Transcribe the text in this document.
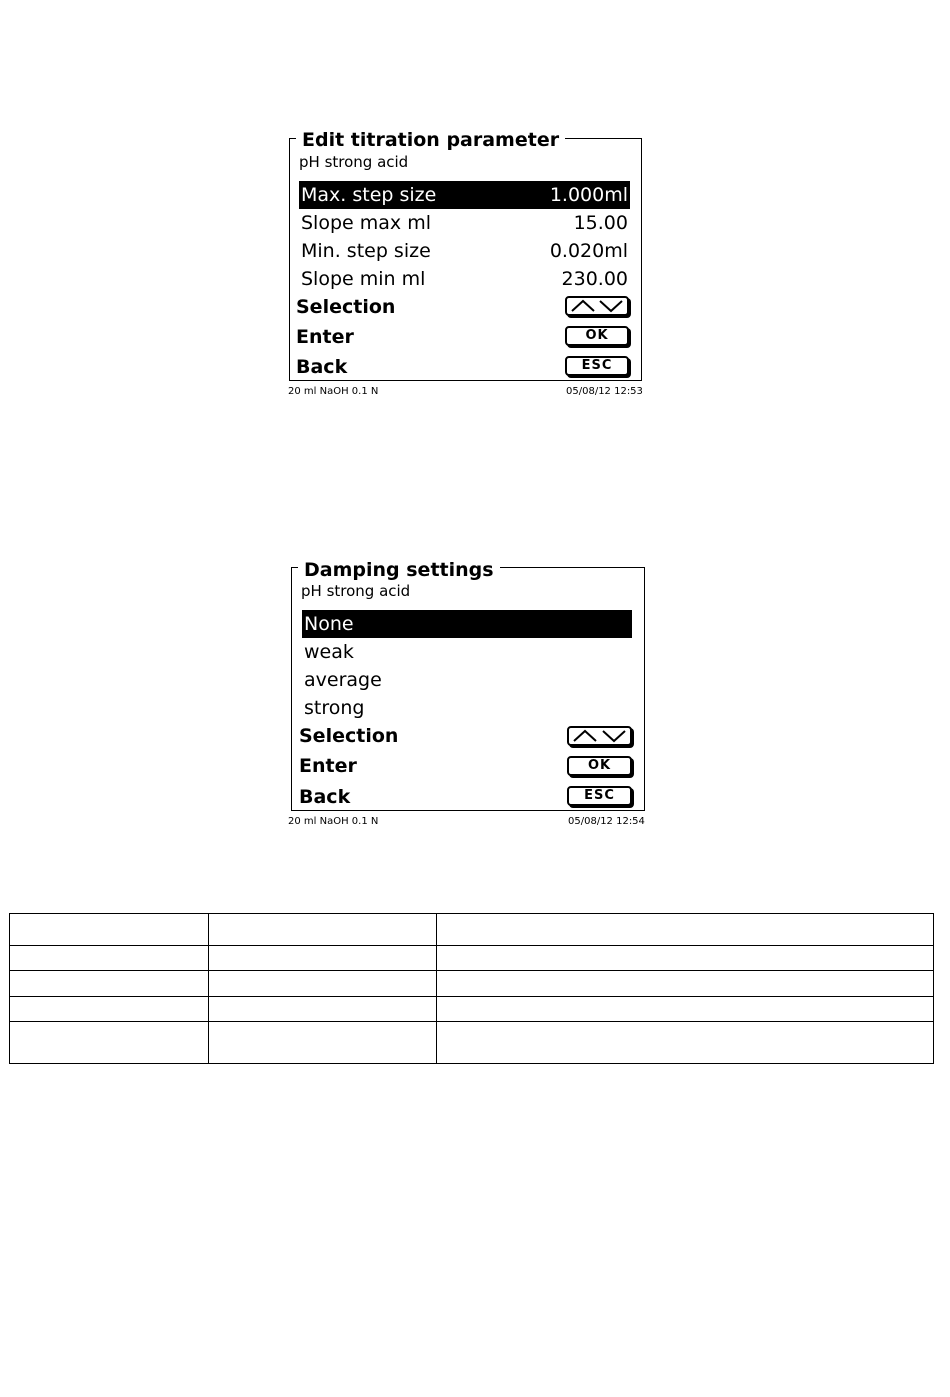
Edit titration parameter
pH strong acid
Max. step size	1.000ml
Slope max ml	15.00
Min. step size	0.020ml
Slope min ml	230.00
Selection
Enter	OK
Back	ESC
20 ml NaOH 0.1 N	05/08/12 12:53
Damping settings
pH strong acid
None
weak
average
strong
Selection
Enter	OK
Back	ESC
20 ml NaOH 0.1 N	05/08/12 12:54
